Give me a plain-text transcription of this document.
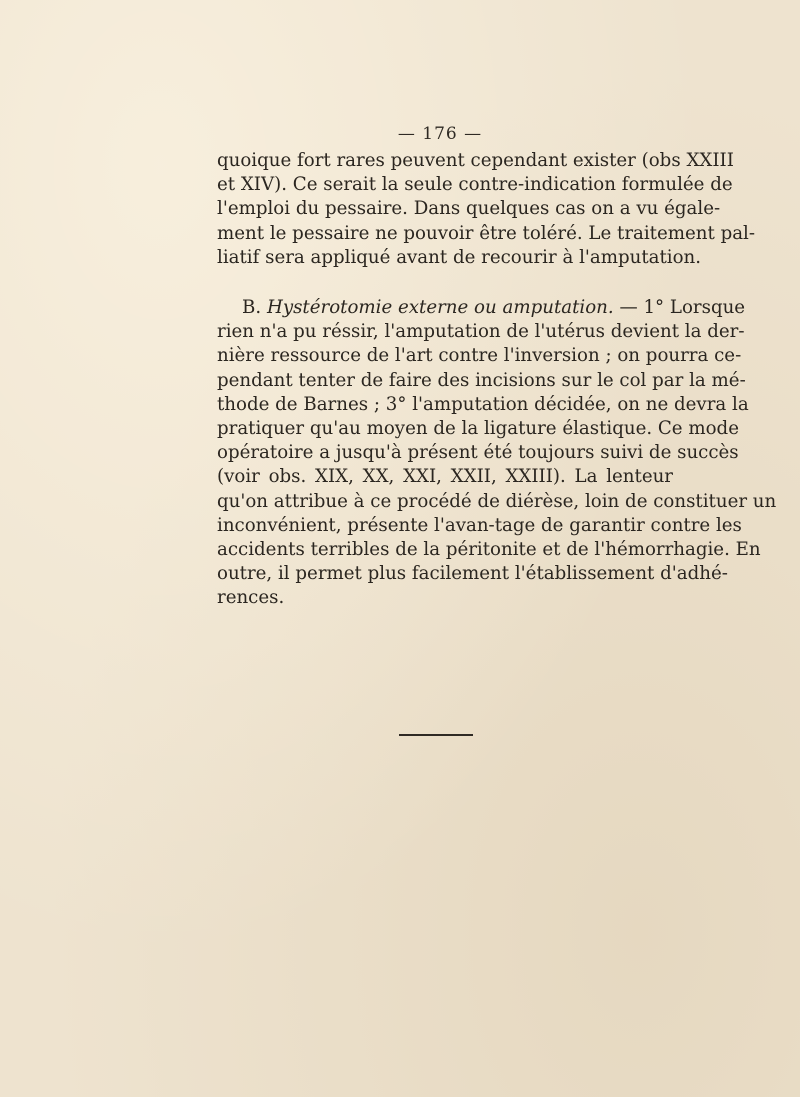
— 176 —
quoique fort rares peuvent cependant exister (obs XXIII
et XIV). Ce serait la seule contre-indication formulée de
l'emploi du pessaire. Dans quelques cas on a vu égale-
ment le pessaire ne pouvoir être toléré. Le traitement pal-
liatif sera appliqué avant de recourir à l'amputation.
B. Hystérotomie externe ou amputation. — 1° Lorsque
rien n'a pu réssir, l'amputation de l'utérus devient la der-
nière ressource de l'art contre l'inversion ; on pourra ce-
pendant tenter de faire des incisions sur le col par la mé-
thode de Barnes ; 3° l'amputation décidée, on ne devra la
pratiquer qu'au moyen de la ligature élastique. Ce mode
opératoire a jusqu'à présent été toujours suivi de succès
(voir obs. XIX, XX, XXI, XXII, XXIII). La lenteur
qu'on attribue à ce procédé de diérèse, loin de constituer un
inconvénient, présente l'avan-tage de garantir contre les
accidents terribles de la péritonite et de l'hémorrhagie. En
outre, il permet plus facilement l'établissement d'adhé-
rences.
